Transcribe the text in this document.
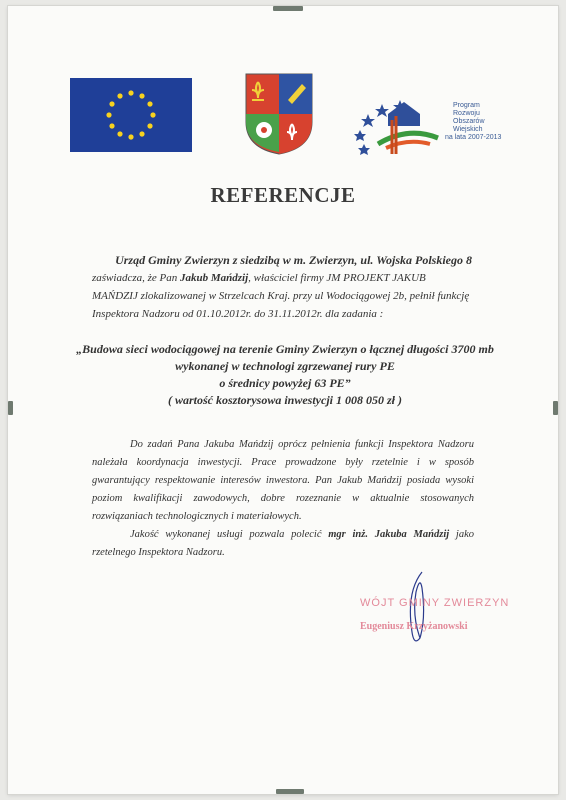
Program
Rozwoju
Obszarów
Wiejskich
na lata 2007-2013
REFERENCJE
Urząd Gminy Zwierzyn z siedzibą w m. Zwierzyn, ul. Wojska Polskiego 8

zaświadcza, że Pan Jakub Mańdzij, właściciel firmy JM PROJEKT JAKUB MAŃDZIJ zlokalizowanej w Strzelcach Kraj. przy ul Wodociągowej 2b, pełnił funkcję Inspektora Nadzoru od 01.10.2012r. do 31.11.2012r. dla zadania :

„Budowa sieci wodociągowej na terenie Gminy Zwierzyn o łącznej długości 3700 mb
wykonanej w technologi zgrzewanej rury PE
o średnicy powyżej 63 PE”
( wartość kosztorysowa inwestycji 1 008 050 zł )
Do zadań Pana Jakuba Mańdzij oprócz pełnienia funkcji Inspektora Nadzoru należała koordynacja inwestycji. Prace prowadzone były rzetelnie i w sposób gwarantujący respektowanie interesów inwestora. Pan Jakub Mańdzij posiada wysoki poziom kwalifikacji zawodowych, dobre rozeznanie w aktualnie stosowanych rozwiązaniach technologicznych i materiałowych.
Jakość wykonanej usługi pozwala polecić mgr inż. Jakuba Mańdzij jako rzetelnego Inspektora Nadzoru.
WÓJT GMINY ZWIERZYN
Eugeniusz Krzyżanowski
